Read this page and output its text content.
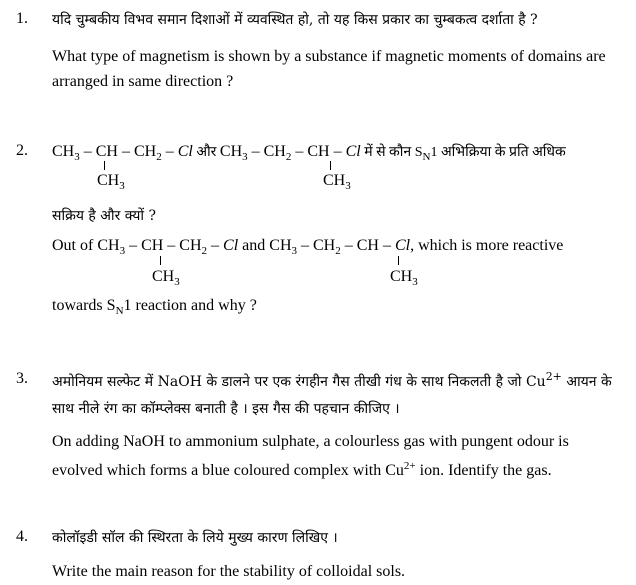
1. यदि चुम्बकीय विभव समान दिशाओं में व्यवस्थित हो, तो यह किस प्रकार का चुम्बकत्व दर्शाता है ?
What type of magnetism is shown by a substance if magnetic moments of domains are
arranged in same direction ?
2. $CH_3$ – CH – $CH_2$ – Cl और $CH_3 - CH_2$ – CH – Cl में से कौन $S_N1$ अभिक्रिया के प्रति अधिक
$CH_3$	$CH_3$
सक्रिय है और क्यों ?
Out of $CH_3$ – CH – $CH_2$ – Cl and $CH_3 - CH_2$ – CH – Cl, which is more reactive
$CH_3$	$CH_3$
towards $S_N1$ reaction and why ?
3. अमोनियम सल्फेट में NaOH के डालने पर एक रंगहीन गैस तीखी गंध के साथ निकलती है जो $Cu^{2+}$ आयन के
साथ नीले रंग का कॉम्प्लेक्स बनाती है । इस गैस की पहचान कीजिए ।
On adding NaOH to ammonium sulphate, a colourless gas with pungent odour is
evolved which forms a blue coloured complex with $Cu^{2+}$ ion. Identify the gas.
4. कोलॉइडी सॉल की स्थिरता के लिये मुख्य कारण लिखिए ।
Write the main reason for the stability of colloidal sols.
